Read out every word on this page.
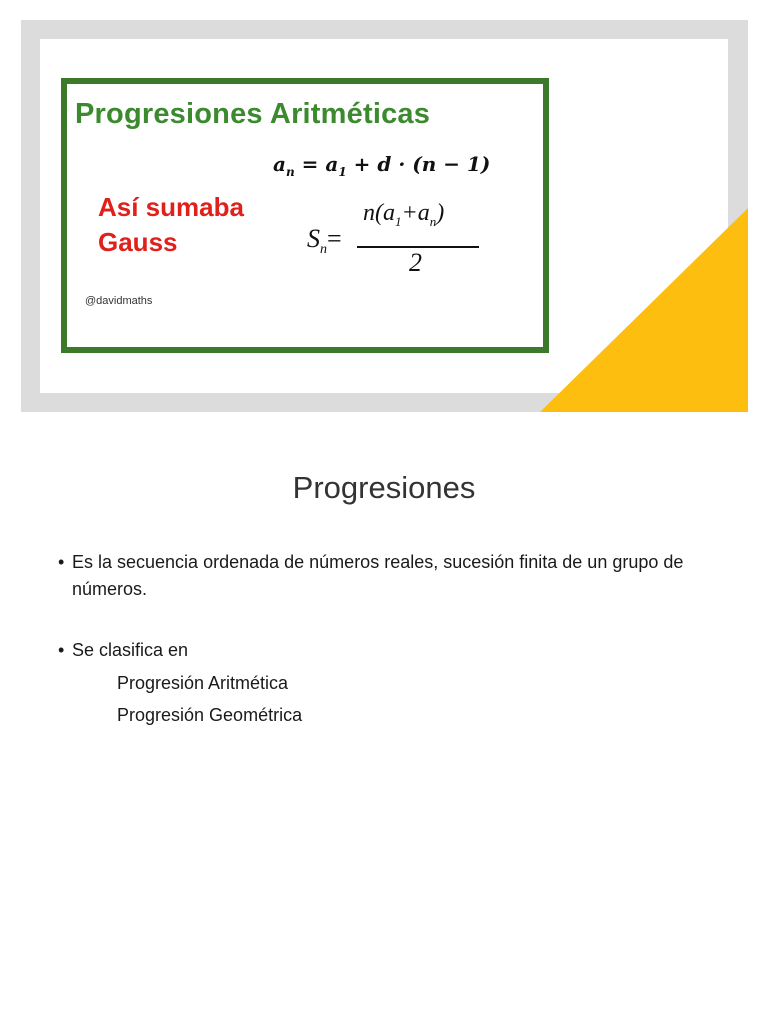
Progresiones Aritméticas
$a_n = a_1 + d \cdot (n - 1)$
Así sumaba
Gauss	$S_n=$
$n(a_1+a_n)$
2
@davidmaths
Progresiones
• Es la secuencia ordenada de números reales, sucesión finita de un grupo de números.
• Se clasifica en
Progresión Aritmética
Progresión Geométrica
